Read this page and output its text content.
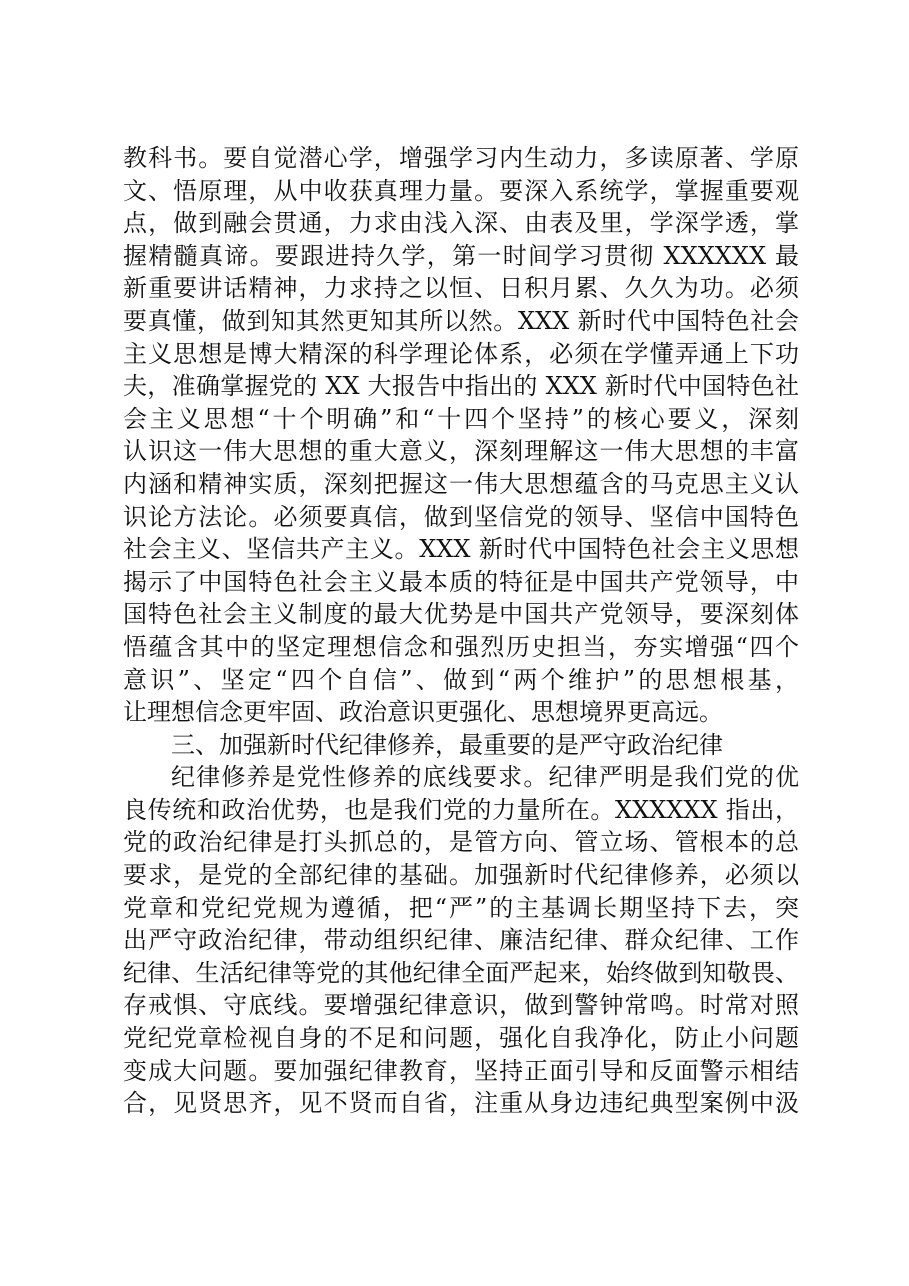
教科书。要自觉潜心学，增强学习内生动力，多读原著、学原
文、悟原理，从中收获真理力量。要深入系统学，掌握重要观
点，做到融会贯通，力求由浅入深、由表及里，学深学透，掌
握精髓真谛。要跟进持久学，第一时间学习贯彻 XXXXXX 最
新重要讲话精神，力求持之以恒、日积月累、久久为功。必须
要真懂，做到知其然更知其所以然。XXX 新时代中国特色社会
主义思想是博大精深的科学理论体系，必须在学懂弄通上下功
夫，准确掌握党的 XX 大报告中指出的 XXX 新时代中国特色社
会主义思想“十个明确”和“十四个坚持”的核心要义，深刻
认识这一伟大思想的重大意义，深刻理解这一伟大思想的丰富
内涵和精神实质，深刻把握这一伟大思想蕴含的马克思主义认
识论方法论。必须要真信，做到坚信党的领导、坚信中国特色
社会主义、坚信共产主义。XXX 新时代中国特色社会主义思想
揭示了中国特色社会主义最本质的特征是中国共产党领导，中
国特色社会主义制度的最大优势是中国共产党领导，要深刻体
悟蕴含其中的坚定理想信念和强烈历史担当，夯实增强“四个
意识”、坚定“四个自信”、做到“两个维护”的思想根基，
让理想信念更牢固、政治意识更强化、思想境界更高远。
三、加强新时代纪律修养，最重要的是严守政治纪律
纪律修养是党性修养的底线要求。纪律严明是我们党的优
良传统和政治优势，也是我们党的力量所在。XXXXXX 指出，
党的政治纪律是打头抓总的，是管方向、管立场、管根本的总
要求，是党的全部纪律的基础。加强新时代纪律修养，必须以
党章和党纪党规为遵循，把“严”的主基调长期坚持下去，突
出严守政治纪律，带动组织纪律、廉洁纪律、群众纪律、工作
纪律、生活纪律等党的其他纪律全面严起来，始终做到知敬畏、
存戒惧、守底线。要增强纪律意识，做到警钟常鸣。时常对照
党纪党章检视自身的不足和问题，强化自我净化，防止小问题
变成大问题。要加强纪律教育，坚持正面引导和反面警示相结
合，见贤思齐，见不贤而自省，注重从身边违纪典型案例中汲
